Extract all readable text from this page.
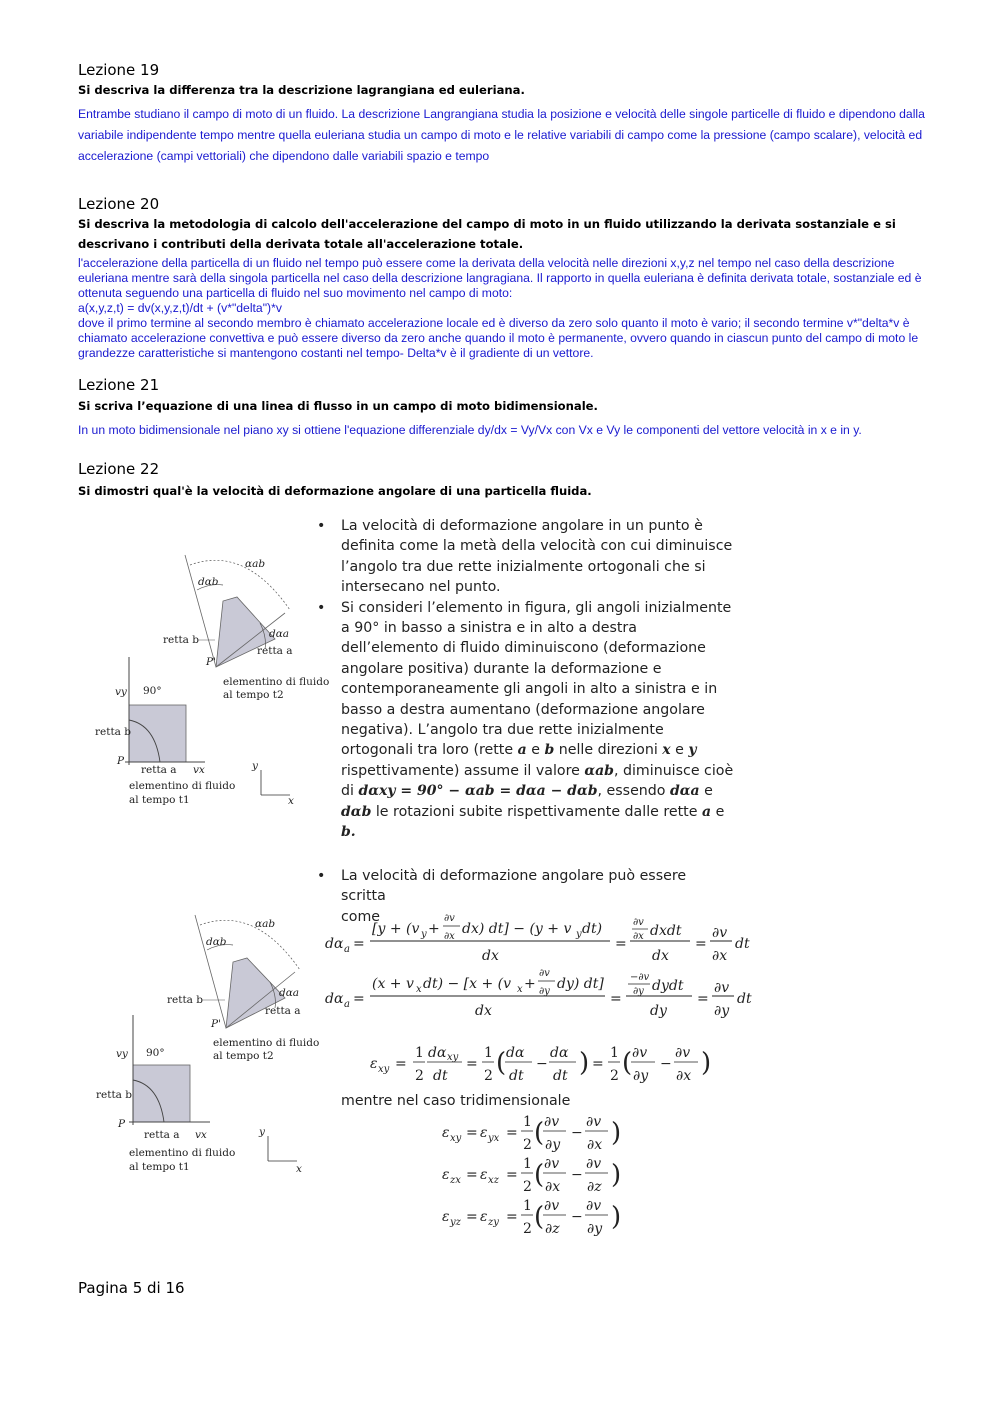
Lezione 19
Si descriva la differenza tra la descrizione lagrangiana ed euleriana.
Entrambe studiano il campo di moto di un fluido. La descrizione Langrangiana studia la posizione e velocità delle singole particelle di fluido e dipendono dalla variabile indipendente tempo mentre quella euleriana studia un campo di moto e le relative variabili di campo come la pressione (campo scalare), velocità ed accelerazione (campi vettoriali) che dipendono dalle variabili spazio e tempo
Lezione 20
Si descriva la metodologia di calcolo dell'accelerazione del campo di moto in un fluido utilizzando la derivata sostanziale e si descrivano i contributi della derivata totale all'accelerazione totale.

l'accelerazione della particella di un fluido nel tempo può essere come la derivata della velocità nelle direzioni x,y,z nel tempo nel caso della descrizione euleriana mentre sarà della singola particella nel caso della descrizione langragiana. Il rapporto in quella euleriana è definita derivata totale, sostanziale ed è ottenuta seguendo una particella di fluido nel suo movimento nel campo di moto:

a(x,y,z,t) = dv(x,y,z,t)/dt + (v*"delta")*v

dove il primo termine al secondo membro è chiamato accelerazione locale ed è diverso da zero solo quanto il moto è vario; il secondo termine v*"delta*v è chiamato accelerazione convettiva e può essere diverso da zero anche quando il moto è permanente, ovvero quando in ciascun punto del campo di moto le grandezze caratteristiche si mantengono costanti nel tempo- Delta*v è il gradiente di un vettore.

Lezione 21
Si scriva l’equazione di una linea di flusso in un campo di moto bidimensionale.
In un moto bidimensionale nel piano xy si ottiene l'equazione differenziale dy/dx = Vy/Vx con Vx e Vy le componenti del vettore velocità in x e in y.
Lezione 22
Si dimostri qual'è la velocità di deformazione angolare di una particella fluida.
• La velocità di deformazione angolare in un punto è
definita come la metà della velocità con cui diminuisce
l’angolo tra due rette inizialmente ortogonali che si
intersecano nel punto.
• Si consideri l’elemento in figura, gli angoli inizialmente
a 90° in basso a sinistra e in alto a destra
dell’elemento di fluido diminuiscono (deformazione
angolare positiva) durante la deformazione e
contemporaneamente gli angoli in alto a sinistra e in
basso a destra aumentano (deformazione angolare
negativa). L’angolo tra due rette inizialmente
ortogonali tra loro (rette a e b nelle direzioni x e y
rispettivamente) assume il valore αab, diminuisce cioè
di dαxy = 90° − αab = dαa − dαb, essendo dαa e
dαb le rotazioni subite rispettivamente dalle rette a e
b.
• La velocità di deformazione angolare può essere scritta
come
αab
dαb
dαa
retta b
retta a
P'
elementino di fluido
al tempo t2
90°
vy
retta b
P
retta a vx
elementino di fluido
al tempo t1
y
x
αab
dαb
dαa
retta b
retta a
P'
elementino di fluido
al tempo t2
90°
vy
retta b
P
retta a vx
elementino di fluido
al tempo t1
y
x
dα a =
[y + (v y +
∂v
∂x dx) dt] − (y + v y dt)
dx
=
∂v
∂x dxdt
dx
=
∂v
∂x
dt
dα a =
(x + v x dt) − [x + (v x +
∂v
∂y dy) dt]
dx
=
−∂v
∂y dydt
dy
=
∂v
∂y
dt
ε xy =
1
2
dα xy
dt
=
1
2 ( dα
dt
−
dα
dt ) =
1
2 ( ∂v
∂y
−
∂v
∂x )
mentre nel caso tridimensionale
ε xy = ε yx =
1
2 ( ∂v
∂y
−
∂v
∂x )
ε zx = ε xz =
1
2 ( ∂v
∂x
−
∂v
∂z )
ε yz = ε zy =
1
2 ( ∂v
∂z
−
∂v
∂y )
Pagina 5 di 16
